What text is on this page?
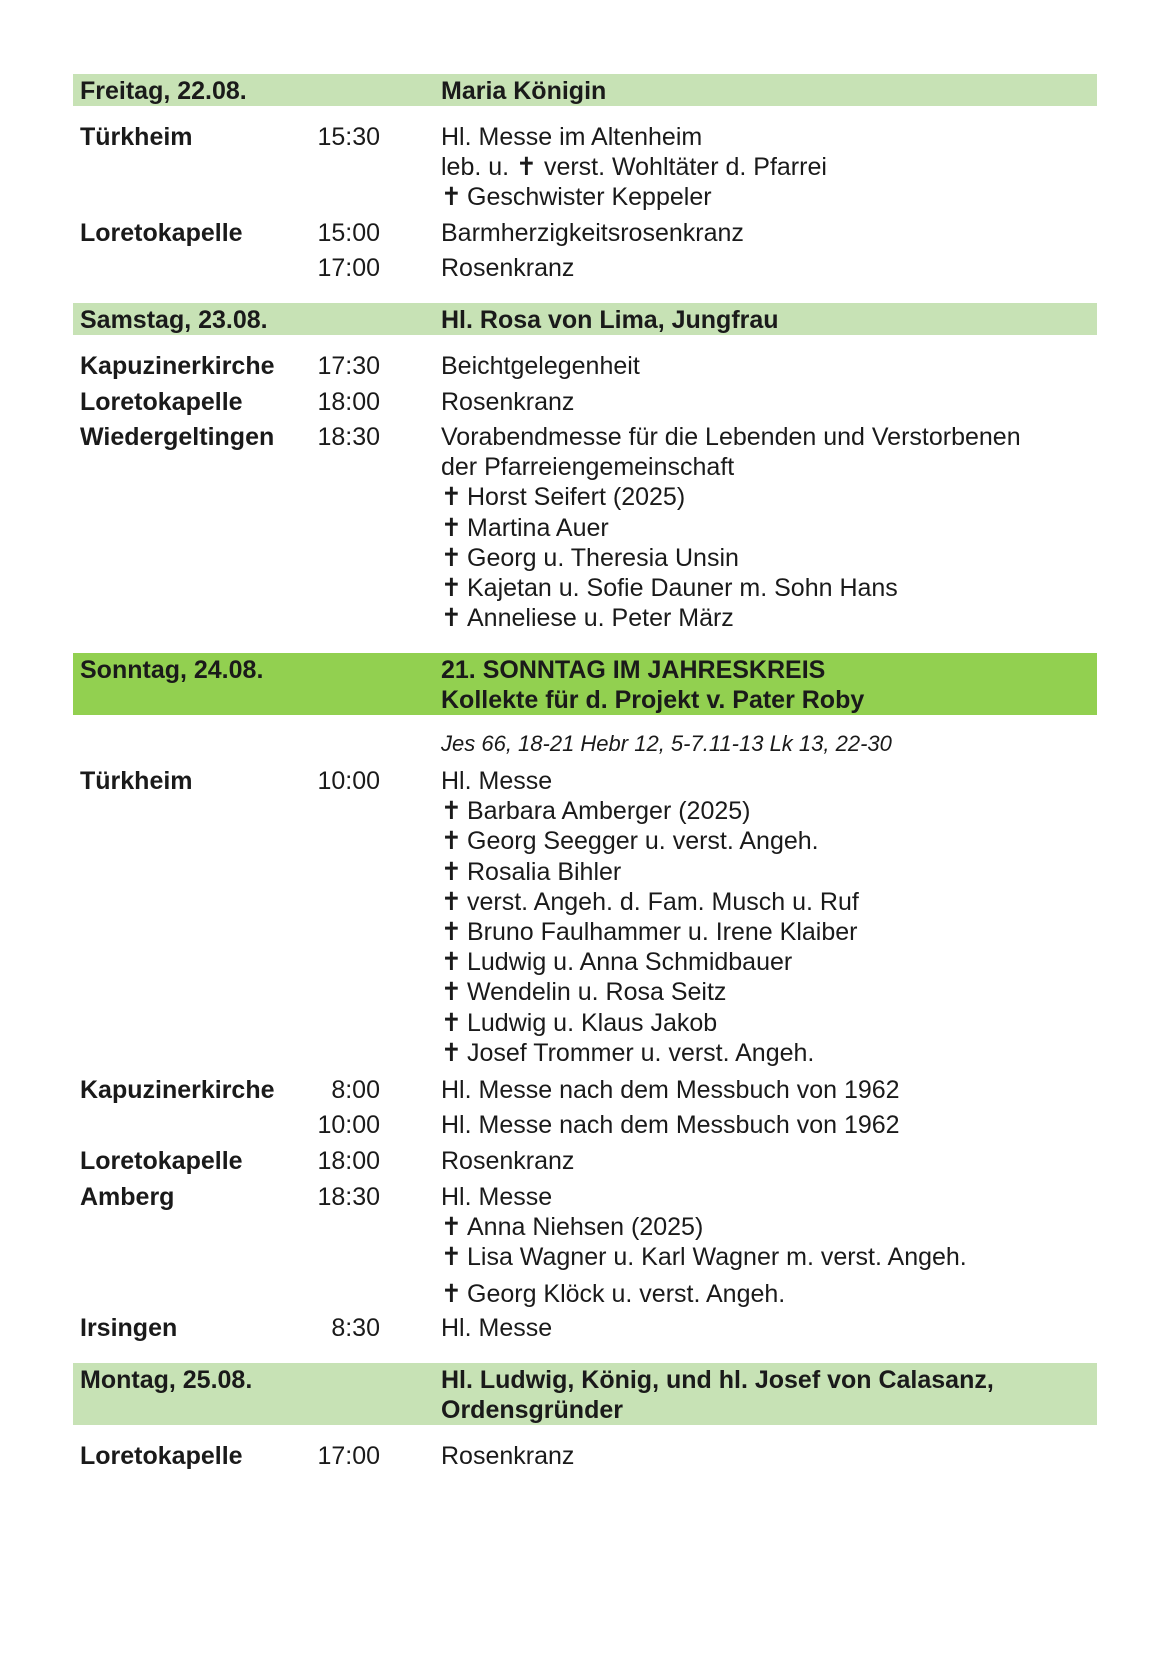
Freitag, 22.08.	Maria Königin
Türkheim	15:30 Hl. Messe im Altenheim
leb. u. ✝ verst. Wohltäter d. Pfarrei
✝ Geschwister Keppeler
Loretokapelle	15:00 Barmherzigkeitsrosenkranz
17:00 Rosenkranz
Samstag, 23.08.	Hl. Rosa von Lima, Jungfrau
Kapuzinerkirche	17:30 Beichtgelegenheit
Loretokapelle	18:00 Rosenkranz
Wiedergeltingen	18:30 Vorabendmesse für die Lebenden und Verstorbenen
der Pfarreiengemeinschaft
✝ Horst Seifert (2025)
✝ Martina Auer
✝ Georg u. Theresia Unsin
✝ Kajetan u. Sofie Dauner m. Sohn Hans
✝ Anneliese u. Peter März
Sonntag, 24.08.	21. SONNTAG IM JAHRESKREIS
Kollekte für d. Projekt v. Pater Roby
Jes 66, 18-21 Hebr 12, 5-7.11-13 Lk 13, 22-30
Türkheim	10:00 Hl. Messe
✝ Barbara Amberger (2025)
✝ Georg Seegger u. verst. Angeh.
✝ Rosalia Bihler
✝ verst. Angeh. d. Fam. Musch u. Ruf
✝ Bruno Faulhammer u. Irene Klaiber
✝ Ludwig u. Anna Schmidbauer
✝ Wendelin u. Rosa Seitz
✝ Ludwig u. Klaus Jakob
✝ Josef Trommer u. verst. Angeh.
Kapuzinerkirche	8:00 Hl. Messe nach dem Messbuch von 1962
10:00 Hl. Messe nach dem Messbuch von 1962
Loretokapelle	18:00 Rosenkranz
Amberg	18:30 Hl. Messe
✝ Anna Niehsen (2025)
✝ Lisa Wagner u. Karl Wagner m. verst. Angeh.
✝ Georg Klöck u. verst. Angeh.
Irsingen	8:30 Hl. Messe
Montag, 25.08.	Hl. Ludwig, König, und hl. Josef von Calasanz,
Ordensgründer
Loretokapelle	17:00 Rosenkranz
